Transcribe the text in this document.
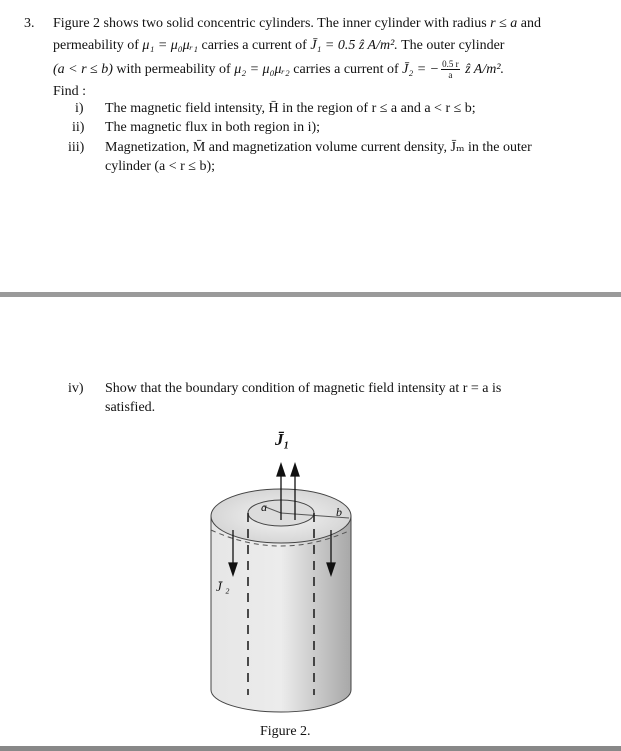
3. Figure 2 shows two solid concentric cylinders. The inner cylinder with radius r ≤ a and
permeability of μ₁ = μ₀μᵣ₁ carries a current of J̄₁ = 0.5 ẑ A/m². The outer cylinder
(a < r ≤ b) with permeability of μ₂ = μ₀μᵣ₂ carries a current of J̄₂ = − $\frac{0.5 r}{a}$ ẑ A/m².
Find :
i) The magnetic field intensity, H̄ in the region of r ≤ a and a < r ≤ b;
ii) The magnetic flux in both region in i);
iii) Magnetization, M̄ and magnetization volume current density, J̄ₘ in the outer
cylinder (a < r ≤ b);
iv) Show that the boundary condition of magnetic field intensity at r = a is
satisfied.
J̄₁
J̄ ₂
a	b
Figure 2.
